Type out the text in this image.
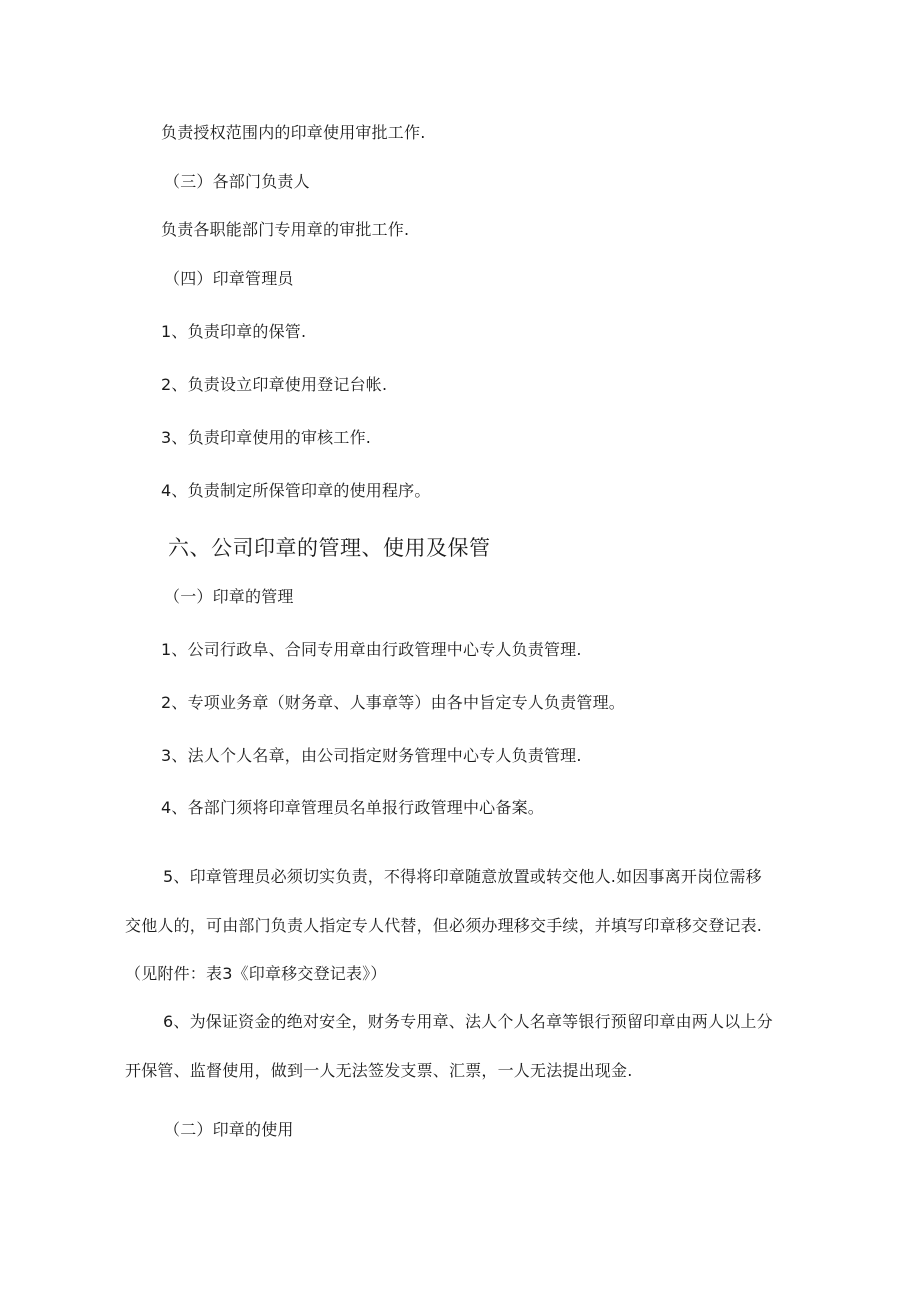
负责授权范围内的印章使用审批工作.
（三）各部门负责人
负责各职能部门专用章的审批工作.
（四）印章管理员
1、负责印章的保管.
2、负责设立印章使用登记台帐.
3、负责印章使用的审核工作.
4、负责制定所保管印章的使用程序。
六、公司印章的管理、使用及保管
（一）印章的管理
1、公司行政阜、合同专用章由行政管理中心专人负责管理.
2、专项业务章（财务章、人事章等）由各中旨定专人负责管理。
3、法人个人名章，由公司指定财务管理中心专人负责管理.
4、各部门须将印章管理员名单报行政管理中心备案。
5、印章管理员必须切实负责，不得将印章随意放置或转交他人.如因事离开岗位需移
交他人的，可由部门负责人指定专人代替，但必须办理移交手续，并填写印章移交登记表.
（见附件：表3《印章移交登记表》）
6、为保证资金的绝对安全，财务专用章、法人个人名章等银行预留印章由两人以上分
开保管、监督使用，做到一人无法签发支票、汇票，一人无法提出现金.
（二）印章的使用
